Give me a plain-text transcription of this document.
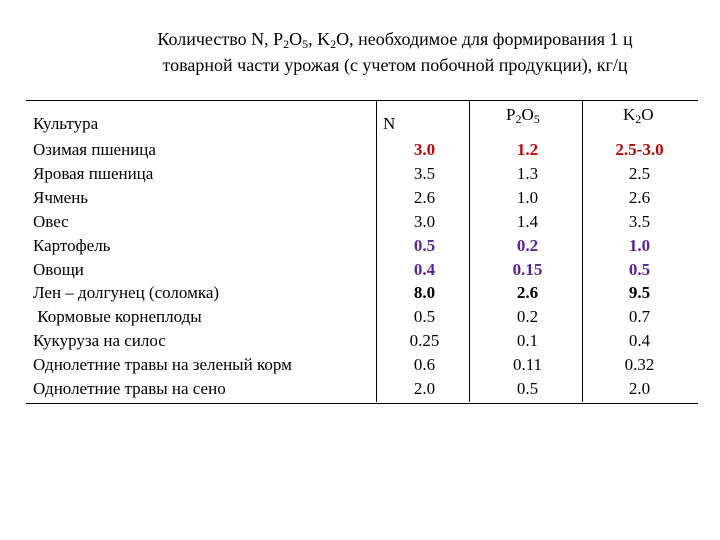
Количество N, $P_2O_5$, $K_2O$, необходимое для формирования 1 ц
товарной части урожая (с учетом побочной продукции), кг/ц
Культура	N	$P_2O_5$	$K_2O$
Озимая пшеница	3.0	1.2	2.5-3.0
Яровая пшеница	3.5	1.3	2.5
Ячмень	2.6	1.0	2.6
Овес	3.0	1.4	3.5
Картофель	0.5	0.2	1.0
Овощи	0.4	0.15	0.5
Лен – долгунец (соломка)	8.0	2.6	9.5
Кормовые корнеплоды	0.5	0.2	0.7
Кукуруза на силос	0.25	0.1	0.4
Однолетние травы на зеленый корм	0.6	0.11	0.32
Однолетние травы на сено	2.0	0.5	2.0
